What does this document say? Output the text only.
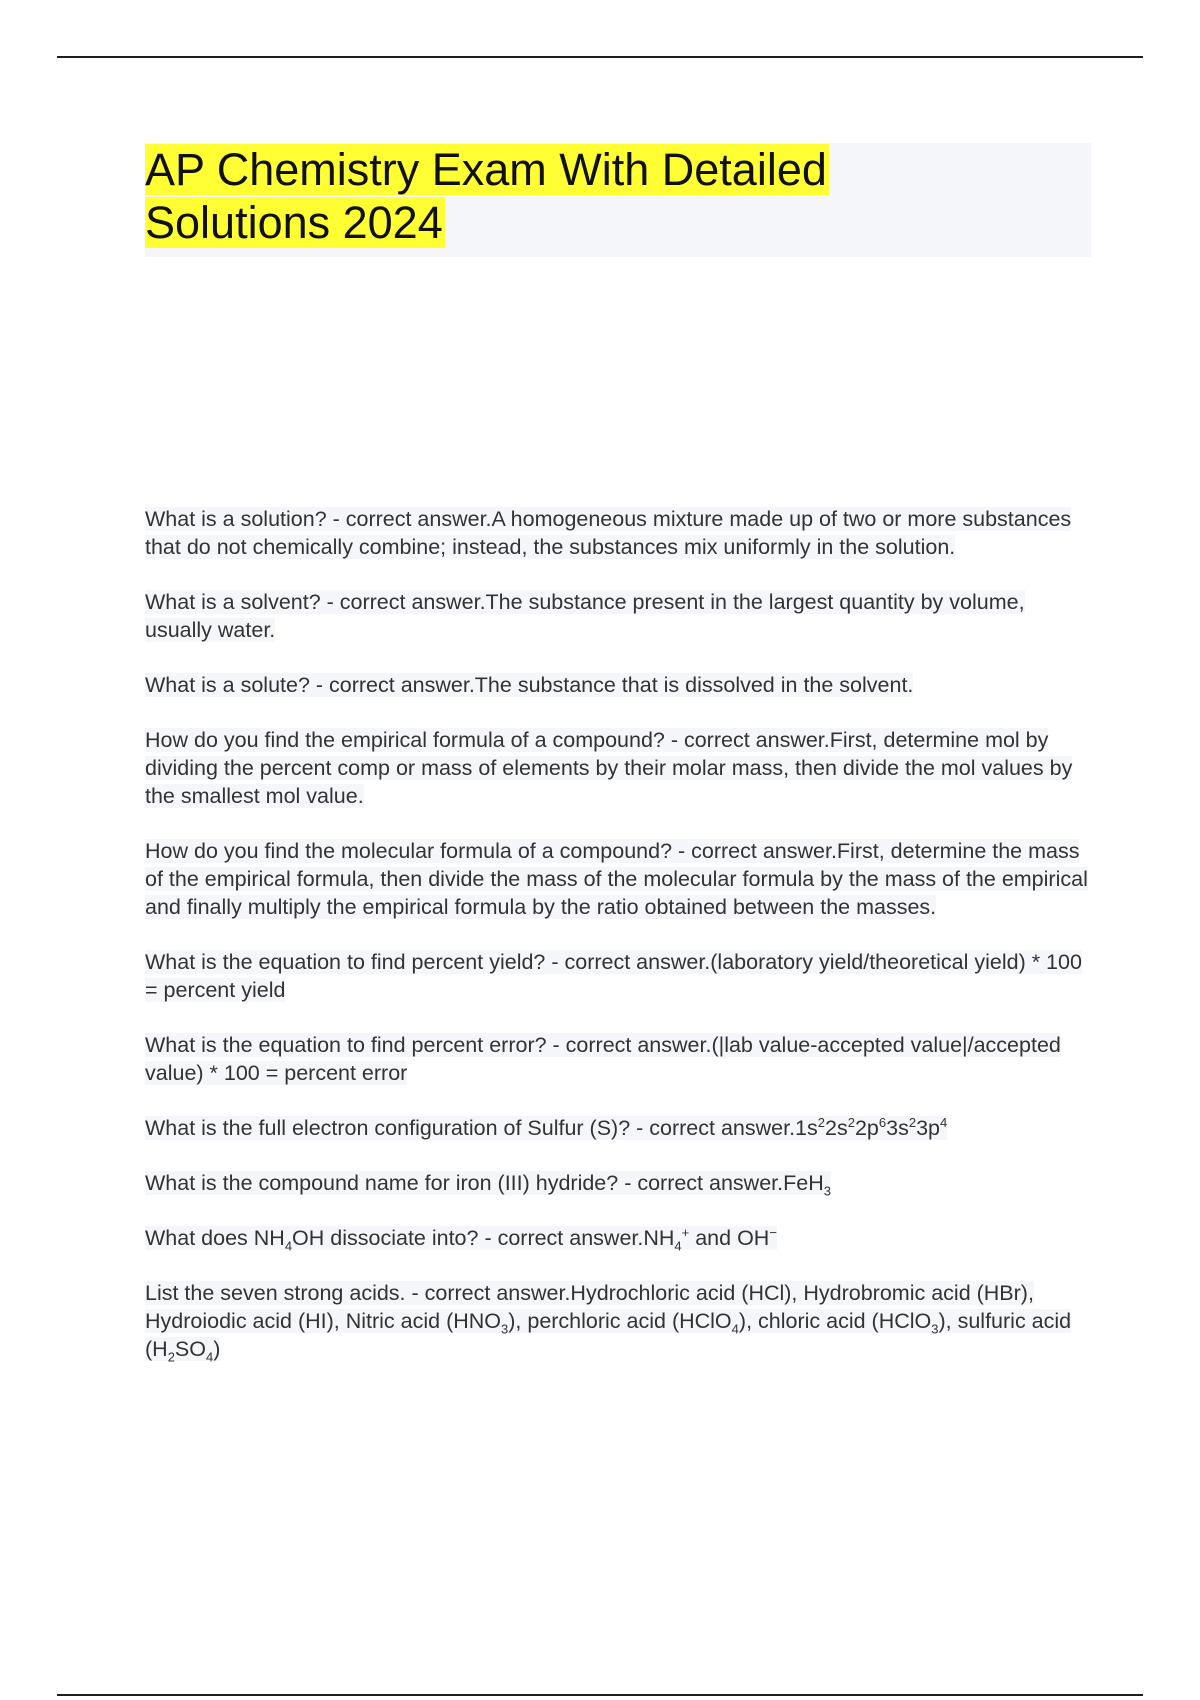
AP Chemistry Exam With Detailed
Solutions 2024

What is a solution? - correct answer.A homogeneous mixture made up of two or more substances that do not chemically combine; instead, the substances mix uniformly in the solution.

What is a solvent? - correct answer.The substance present in the largest quantity by volume, usually water.

What is a solute? - correct answer.The substance that is dissolved in the solvent.

How do you find the empirical formula of a compound? - correct answer.First, determine mol by dividing the percent comp or mass of elements by their molar mass, then divide the mol values by the smallest mol value.

How do you find the molecular formula of a compound? - correct answer.First, determine the mass of the empirical formula, then divide the mass of the molecular formula by the mass of the empirical and finally multiply the empirical formula by the ratio obtained between the masses.

What is the equation to find percent yield? - correct answer.(laboratory yield/theoretical yield) * 100 = percent yield

What is the equation to find percent error? - correct answer.(|lab value-accepted value|/accepted value) * 100 = percent error

What is the full electron configuration of Sulfur (S)? - correct $answer.1s^22s^22p^63s^23p^4$

What is the compound name for iron (III) hydride? - correct answer.FeH$_3$

What does $NH_4OH$ dissociate into? - correct $answer.NH_4^+$ and OH−

List the seven strong acids. - correct answer.Hydrochloric acid (HCl), Hydrobromic acid (HBr), Hydroiodic acid (HI), Nitric acid $(HNO_3)$, perchloric acid (HClO$_4$), chloric acid (HClO$_3$), sulfuric acid $(H_2SO_4)$
